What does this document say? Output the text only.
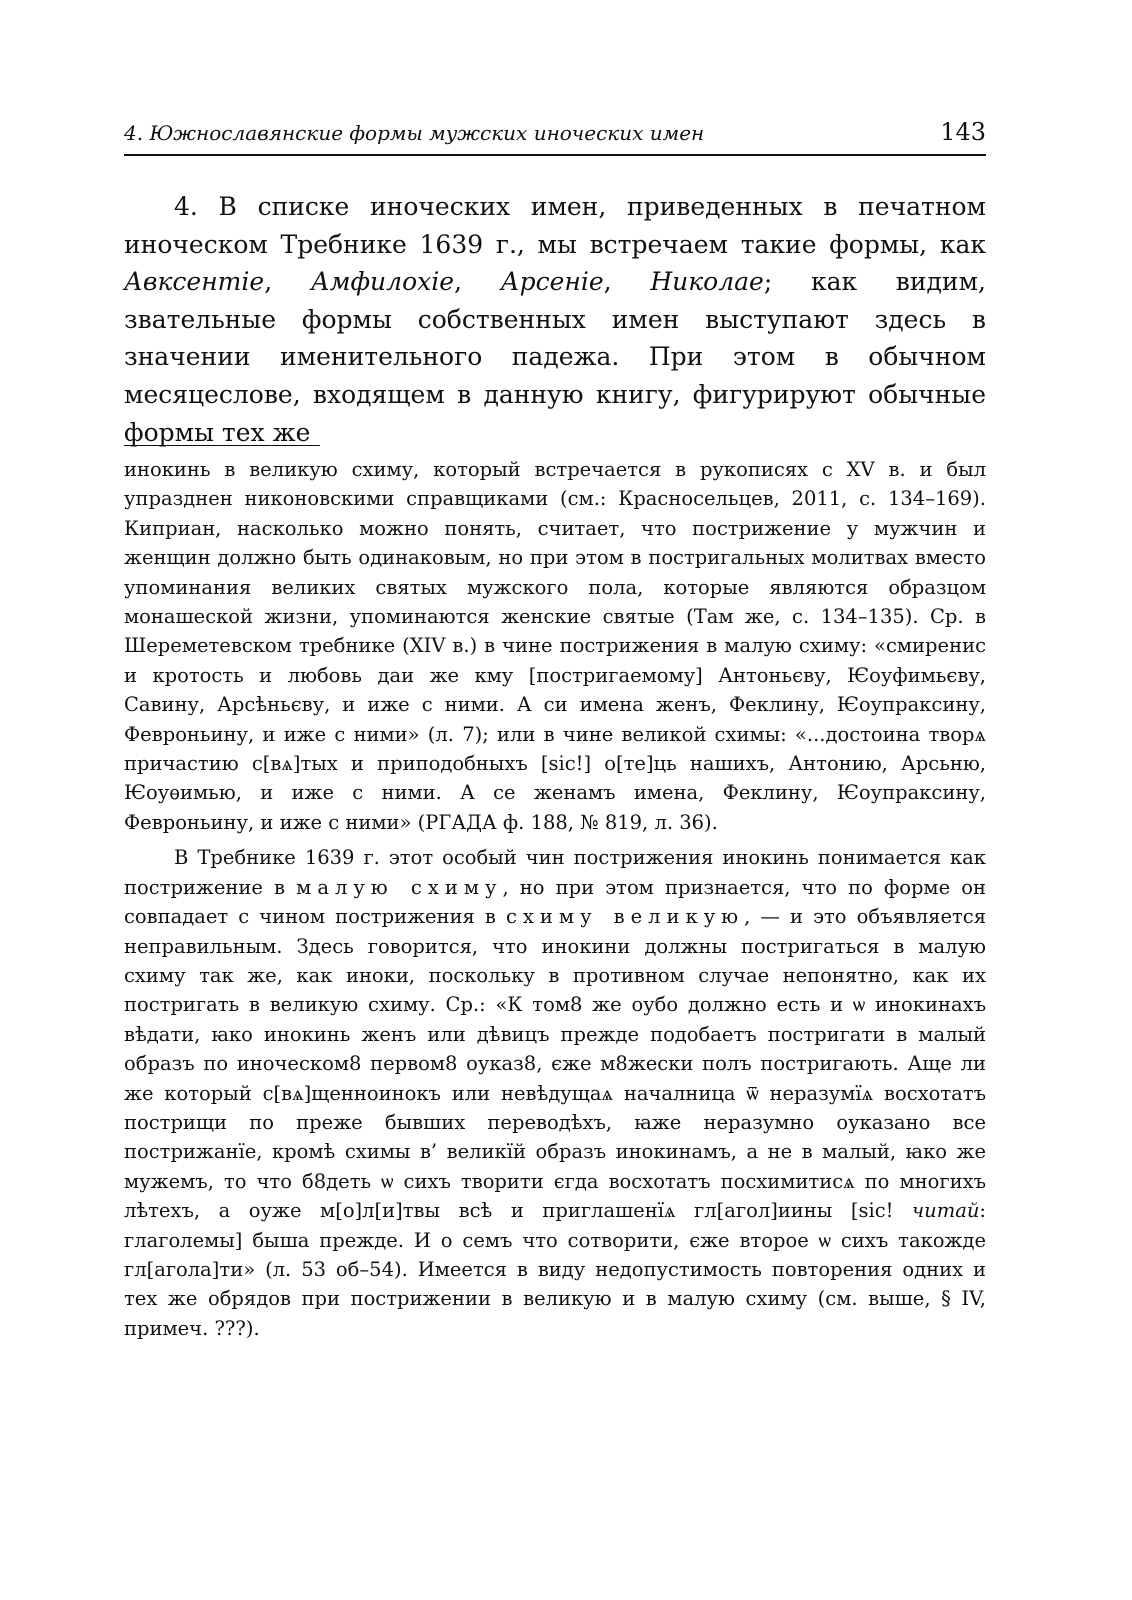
4. Южнославянские формы мужских иноческих имен	143

4. В списке иноческих имен, приведенных в печатном иноческом Требнике 1639 г., мы встречаем такие формы, как Авксентіе, Амфилохіе, Арсеніе, Николае; как видим, звательные формы собственных имен выступают здесь в значении именительного падежа. При этом в обычном месяцеслове, входящем в данную книгу, фигурируют обычные формы тех же

инокинь в великую схиму, который встречается в рукописях с XV в. и был упразднен никоновскими справщиками (см.: Красносельцев, 2011, с. 134–169). Киприан, насколько можно понять, считает, что пострижение у мужчин и женщин должно быть одинаковым, но при этом в постригальных молитвах вместо упоминания великих святых мужского пола, которые являются образцом монашеской жизни, упоминаются женские святые (Там же, с. 134–135). Ср. в Шереметевском требнике (XIV в.) в чине пострижения в малую схиму: «смиренис и кротость и любовь даи же кму [постригаемому] Антоньєву, Ѥоуфимьєву, Савину, Арсѣньєву, и иже с ними. А си имена женъ, Феклину, Ѥоупраксину, Февроньину, и иже с ними» (л. 7); или в чине великой схимы: «...достоина творѧ причастию с[вѧ]тых и приподобныхъ [sic!] о[те]ць нашихъ, Антонию, Арсьню, Ѥоуѳимью, и иже с ними. А се женамъ имена, Феклину, Ѥоупраксину, Февроньину, и иже с ними» (РГАДА ф. 188, № 819, л. 36).

В Требнике 1639 г. этот особый чин пострижения инокинь понимается как пострижение в малую схиму, но при этом признается, что по форме он совпадает с чином пострижения в схиму великую, — и это объявляется неправильным. Здесь говорится, что инокини должны постригаться в малую схиму так же, как иноки, поскольку в противном случае непонятно, как их постригать в великую схиму. Ср.: «К том8 же оубо должно есть и ѡ инокинахъ вѣдати, ꙗко инокинь женъ или дѣвицъ прежде подобаетъ постригати в малый образъ по иноческом8 первом8 оуказ8, єже м8жески полъ постригають. Аще ли же который с[вѧ]щенноинокъ или невѣдущаѧ началница ѿ неразумїѧ восхотатъ пострищи по преже бывших переводѣхъ, ꙗже неразумно оуказано все пострижанїе, кромѣ схимы в’ великїй образъ инокинамъ, а не в малый, ꙗко же мужемъ, то что б8деть ѡ сихъ творити єгда восхотатъ посхимитисѧ по многихъ лѣтехъ, а оуже м[о]л[и]твы всѣ и приглашенїѧ гл[агол]иины [sic! читай: глаголемы] быша прежде. И о семъ что сотворити, єже второе ѡ сихъ такожде гл[агола]ти» (л. 53 об–54). Имеется в виду недопустимость повторения одних и тех же обрядов при пострижении в великую и в малую схиму (см. выше, § IV, примеч. ???).
